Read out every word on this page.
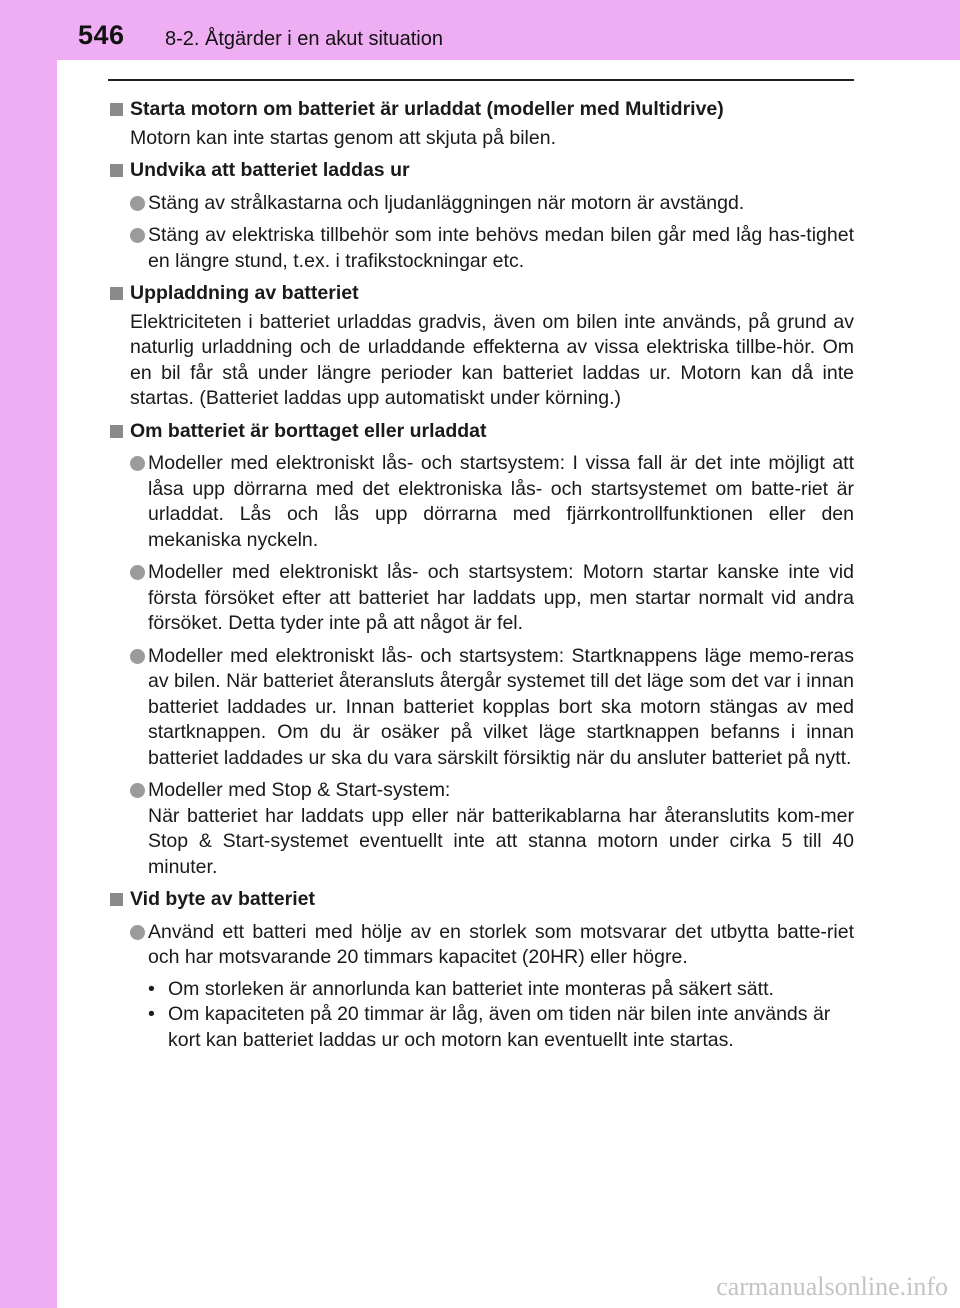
546 8-2. Åtgärder i en akut situation
Starta motorn om batteriet är urladdat (modeller med Multidrive)
Motorn kan inte startas genom att skjuta på bilen.
Undvika att batteriet laddas ur
Stäng av strålkastarna och ljudanläggningen när motorn är avstängd.
Stäng av elektriska tillbehör som inte behövs medan bilen går med låg has-tighet en längre stund, t.ex. i trafikstockningar etc.
Uppladdning av batteriet
Elektriciteten i batteriet urladdas gradvis, även om bilen inte används, på grund av naturlig urladdning och de urladdande effekterna av vissa elektriska tillbe-hör. Om en bil får stå under längre perioder kan batteriet laddas ur. Motorn kan då inte startas. (Batteriet laddas upp automatiskt under körning.)
Om batteriet är borttaget eller urladdat
Modeller med elektroniskt lås- och startsystem: I vissa fall är det inte möjligt att låsa upp dörrarna med det elektroniska lås- och startsystemet om batte-riet är urladdat. Lås och lås upp dörrarna med fjärrkontrollfunktionen eller den mekaniska nyckeln.
Modeller med elektroniskt lås- och startsystem: Motorn startar kanske inte vid första försöket efter att batteriet har laddats upp, men startar normalt vid andra försöket. Detta tyder inte på att något är fel.
Modeller med elektroniskt lås- och startsystem: Startknappens läge memo-reras av bilen. När batteriet återansluts återgår systemet till det läge som det var i innan batteriet laddades ur. Innan batteriet kopplas bort ska motorn stängas av med startknappen. Om du är osäker på vilket läge startknappen befanns i innan batteriet laddades ur ska du vara särskilt försiktig när du ansluter batteriet på nytt.
Modeller med Stop & Start-system:
När batteriet har laddats upp eller när batterikablarna har återanslutits kom-mer Stop & Start-systemet eventuellt inte att stanna motorn under cirka 5 till 40 minuter.
Vid byte av batteriet
Använd ett batteri med hölje av en storlek som motsvarar det utbytta batte-riet och har motsvarande 20 timmars kapacitet (20HR) eller högre.
• Om storleken är annorlunda kan batteriet inte monteras på säkert sätt.
• Om kapaciteten på 20 timmar är låg, även om tiden när bilen inte används är kort kan batteriet laddas ur och motorn kan eventuellt inte startas.
carmanualsonline.info
